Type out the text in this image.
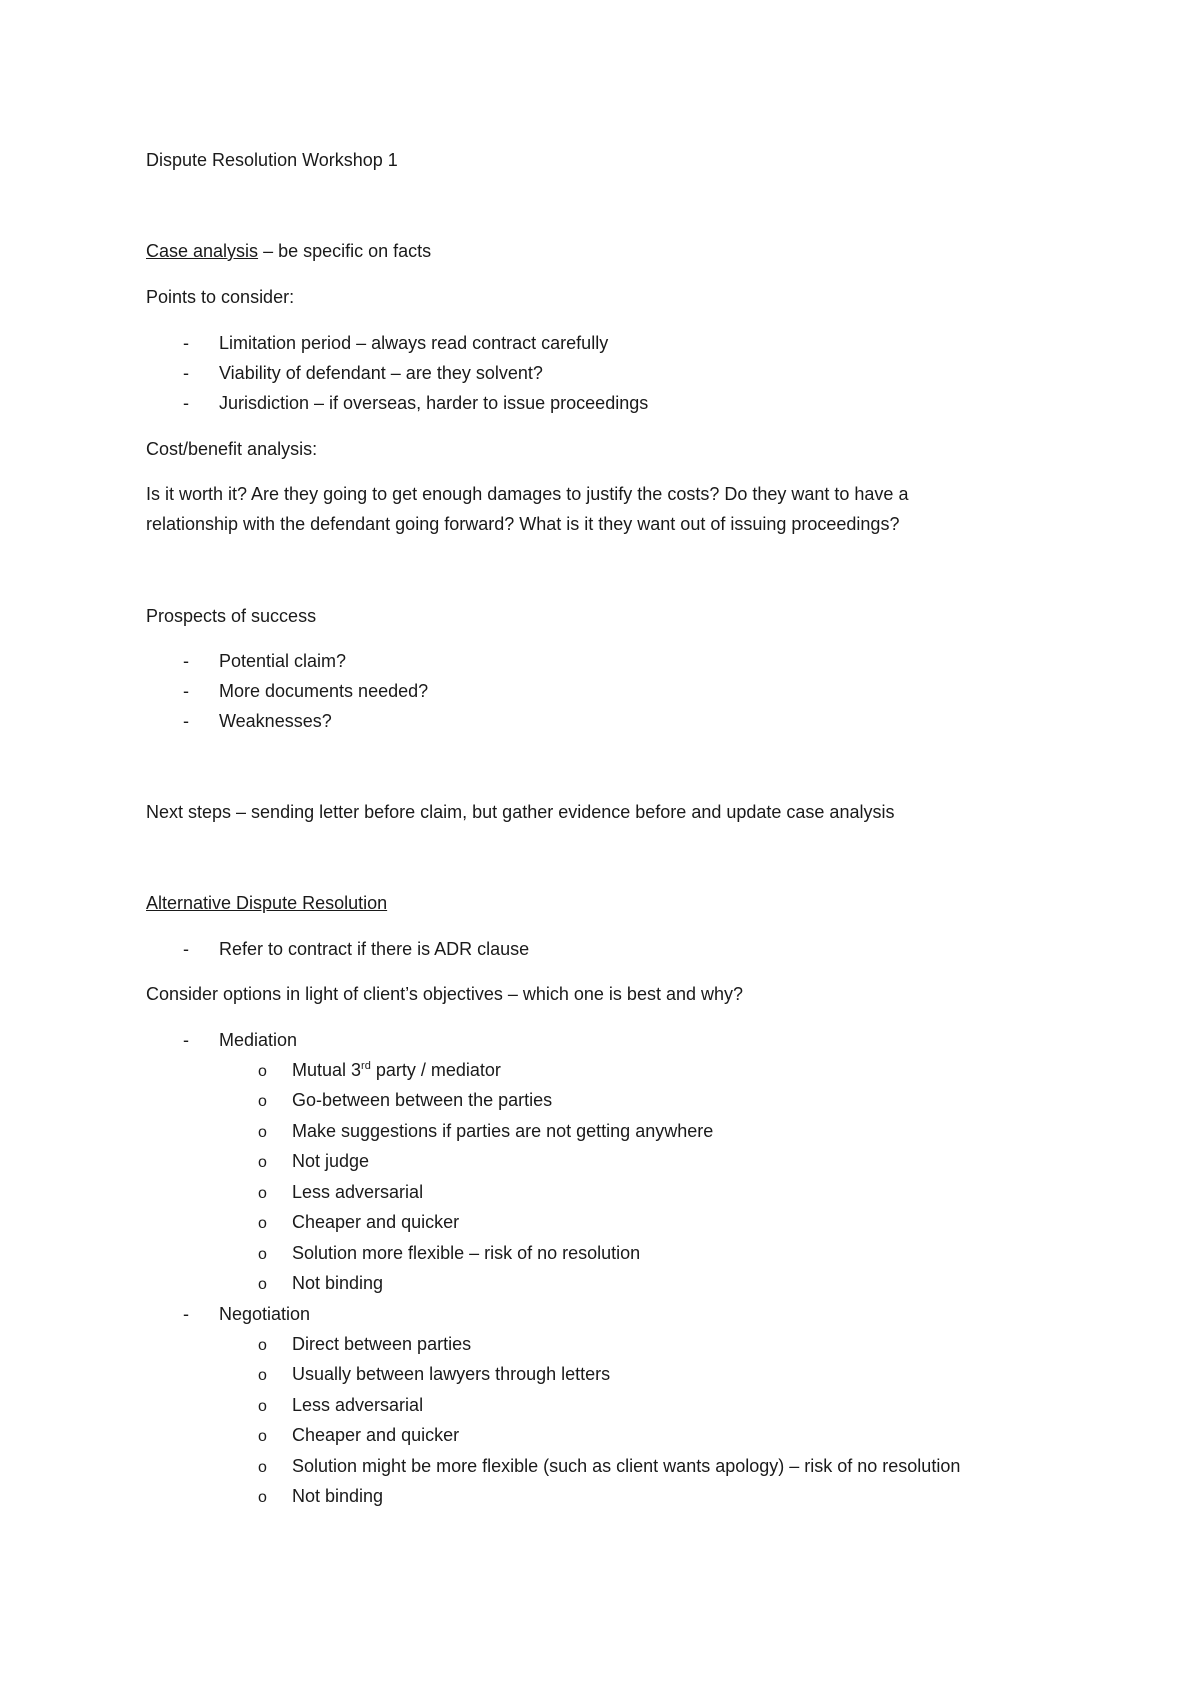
Dispute Resolution Workshop 1
Case analysis – be specific on facts
Points to consider:
- Limitation period – always read contract carefully
- Viability of defendant – are they solvent?
- Jurisdiction – if overseas, harder to issue proceedings
Cost/benefit analysis:
Is it worth it? Are they going to get enough damages to justify the costs? Do they want to have a
relationship with the defendant going forward? What is it they want out of issuing proceedings?
Prospects of success
- Potential claim?
- More documents needed?
- Weaknesses?
Next steps – sending letter before claim, but gather evidence before and update case analysis
Alternative Dispute Resolution
- Refer to contract if there is ADR clause
Consider options in light of client’s objectives – which one is best and why?
- Mediation
o Mutual 3rd party / mediator
o Go-between between the parties
o Make suggestions if parties are not getting anywhere
o Not judge
o Less adversarial
o Cheaper and quicker
o Solution more flexible – risk of no resolution
o Not binding
- Negotiation
o Direct between parties
o Usually between lawyers through letters
o Less adversarial
o Cheaper and quicker
o Solution might be more flexible (such as client wants apology) – risk of no resolution
o Not binding
